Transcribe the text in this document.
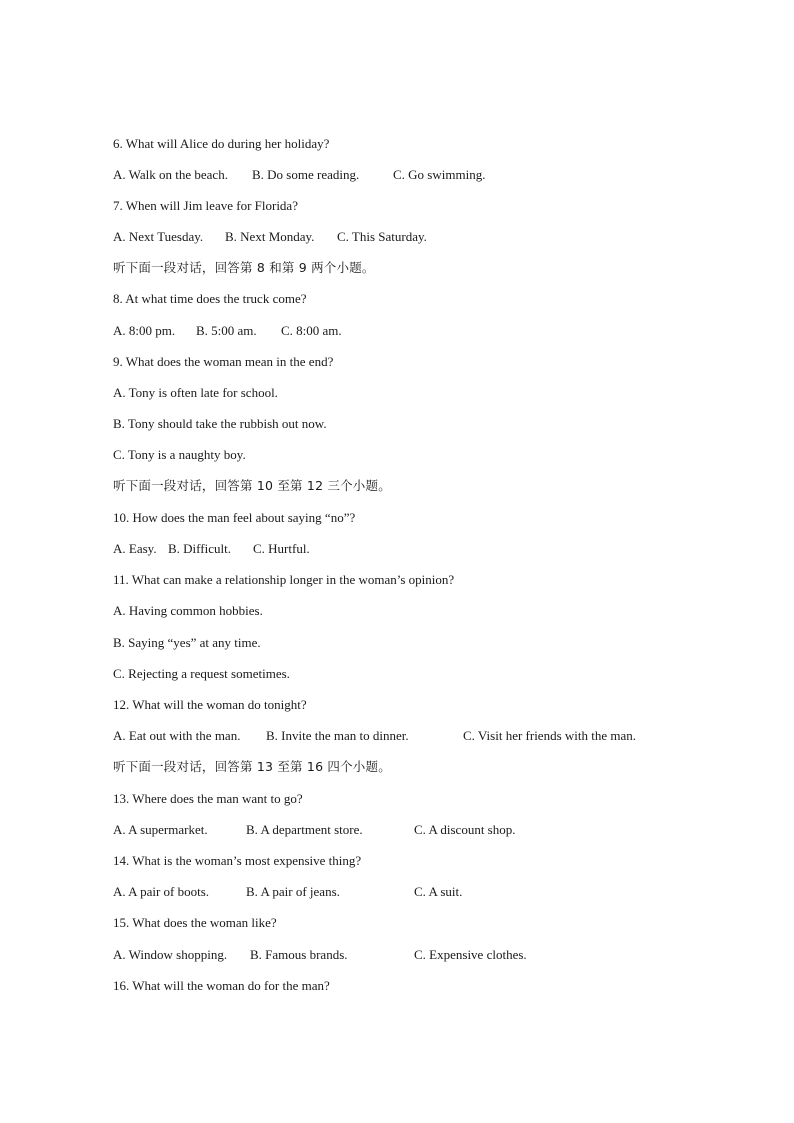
6. What will Alice do during her holiday?
A. Walk on the beach. B. Do some reading.	C. Go swimming.
7. When will Jim leave for Florida?
A. Next Tuesday. B. Next Monday. C. This Saturday.
听下面一段对话，回答第 8 和第 9 两个小题。
8. At what time does the truck come?
A. 8:00 pm. B. 5:00 am. C. 8:00 am.
9. What does the woman mean in the end?
A. Tony is often late for school.
B. Tony should take the rubbish out now.
C. Tony is a naughty boy.
听下面一段对话，回答第 10 至第 12 三个小题。
10. How does the man feel about saying “no”?
A. Easy. B. Difficult. C. Hurtful.
11. What can make a relationship longer in the woman’s opinion?
A. Having common hobbies.
B. Saying “yes” at any time.
C. Rejecting a request sometimes.
12. What will the woman do tonight?
A. Eat out with the man. B. Invite the man to dinner.	C. Visit her friends with the man.
听下面一段对话，回答第 13 至第 16 四个小题。
13. Where does the man want to go?
A. A supermarket.	B. A department store.	C. A discount shop.
14. What is the woman’s most expensive thing?
A. A pair of boots.	B. A pair of jeans.	C. A suit.
15. What does the woman like?
A. Window shopping. B. Famous brands.	C. Expensive clothes.
16. What will the woman do for the man?
